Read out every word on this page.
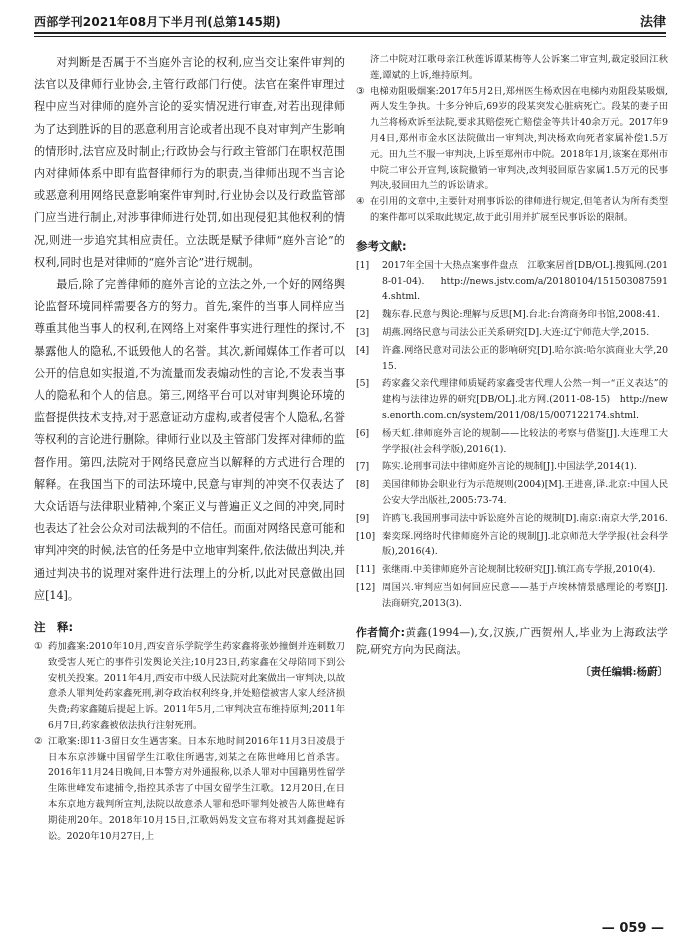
西部学刊2021年08月下半月刊(总第145期)	法律

对判断是否属于不当庭外言论的权利,应当交让案件审判的法官以及律师行业协会,主管行政部门行使。法官在案件审理过程中应当对律师的庭外言论的妥实情况进行审查,对若出现律师为了达到胜诉的目的恶意利用言论或者出现不良对审判产生影响的情形时,法官应及时制止;行政协会与行政主管部门在职权范围内对律师体系中即有监督律师行为的职责,当律师出现不当言论或恶意利用网络民意影响案件审判时,行业协会以及行政监管部门应当进行制止,对涉事律师进行处罚,如出现侵犯其他权利的情况,则进一步追究其相应责任。立法既是赋予律师“庭外言论”的权利,同时也是对律师的“庭外言论”进行规制。

最后,除了完善律师的庭外言论的立法之外,一个好的网络舆论监督环境同样需要各方的努力。首先,案件的当事人同样应当尊重其他当事人的权利,在网络上对案件事实进行理性的探讨,不暴露他人的隐私,不诋毁他人的名誉。其次,新闻媒体工作者可以公开的信息如实报道,不为流量而发表煽动性的言论,不发表当事人的隐私和个人的信息。第三,网络平台可以对审判舆论环境的监督提供技术支持,对于恶意证动方虚构,或者侵害个人隐私,名誉等权利的言论进行删除。律师行业以及主管部门发挥对律师的监督作用。第四,法院对于网络民意应当以解释的方式进行合理的解释。在我国当下的司法环境中,民意与审判的冲突不仅表达了大众话语与法律职业精神,个案正义与普遍正义之间的冲突,同时也表达了社会公众对司法裁判的不信任。而面对网络民意可能和审判冲突的时候,法官的任务是中立地审判案件,依法做出判决,并通过判决书的说理对案件进行法理上的分析,以此对民意做出回应[14]。

注　释:
① 药加鑫案:2010年10月,西安音乐学院学生药家鑫将张妙撞倒并连刺数刀致受害人死亡的事件引发舆论关注;10月23日,药家鑫在父母陪同下到公安机关投案。2011年4月,西安市中级人民法院对此案做出一审判决,以故意杀人罪判处药家鑫死刑,剥夺政治权利终身,并处赔偿被害人家人经济损失费;药家鑫随后提起上诉。2011年5月,二审判决宣布维持原判;2011年6月7日,药家鑫被依法执行注射死刑。
② 江歌案:即11·3留日女生遇害案。日本东地时间2016年11月3日凌晨于日本东京涉嫌中国留学生江歌住所遇害,刘某之在陈世峰用匕首杀害。2016年11月24日晚间,日本警方对外通报称,以杀人罪对中国籍男性留学生陈世峰发布逮捕令,指控其杀害了中国女留学生江歌。12月20日,在日本东京地方裁判所宣判,法院以故意杀人罪和恐吓罪判处被告人陈世峰有期徒刑20年。2018年10月15日,江歌妈妈发文宣布将对其刘鑫提起诉讼。2020年10月27日,上
济二中院对江歌母亲江秋莲诉谭某梅等人公诉案二审宣判,裁定驳回江秋莲,谭斌的上诉,维持原判。
③ 电梯劝阻吸烟案:2017年5月2日,郑州医生杨欢因在电梯内劝阻段某吸烟,两人发生争执。十多分钟后,69岁的段某突发心脏病死亡。段某的妻子田九兰将杨欢诉至法院,要求其赔偿死亡赔偿金等共计40余万元。2017年9月4日,郑州市金水区法院做出一审判决,判决杨欢向死者家属补偿1.5万元。田九兰不服一审判决,上诉至郑州市中院。2018年1月,该案在郑州市中院二审公开宣判,该院撤销一审判决,改判驳回原告家属1.5万元的民事判决,驳回田九兰的诉讼请求。
④ 在引用的文章中,主要针对刑事诉讼的律师进行规定,但笔者认为所有类型的案件都可以采取此规定,故于此引用并扩展至民事诉讼的限制。
参考文献:
[1]	2017年全国十大热点案事件盘点　江歌案居首[DB/OL].搜狐网.(2018-01-04).　http://news.jstv.com/a/20180104/1515030875914.shtml.
[2]	魏东春.民意与舆论:理解与反思[M].台北:台湾商务印书馆,2008:41.
[3]	胡燕.网络民意与司法公正关系研究[D].大连:辽宁师范大学,2015.
[4]	许鑫.网络民意对司法公正的影响研究[D].哈尔滨:哈尔滨商业大学,2015.
[5]	药家鑫父亲代理律师质疑药家鑫受害代理人公然一判一“正义表达”的建构与法律边界的研究[DB/OL].北方网.(2011-08-15)　http://news.enorth.com.cn/system/2011/08/15/007122174.shtml.
[6]	杨天虹.律师庭外言论的规制——比较法的考察与借鉴[J].大连理工大学学报(社会科学版),2016(1).
[7]	陈实.论刑事司法中律师庭外言论的规制[J].中国法学,2014(1).
[8]	美国律师协会职业行为示范规则(2004)[M].王进喜,译.北京:中国人民公安大学出版社,2005:73-74.
[9]	许鸥飞.我国刑事司法中诉讼庭外言论的规制[D].南京:南京大学,2016.
[10] 秦奕琛.网络时代律师庭外言论的规制[J].北京师范大学学报(社会科学版),2016(4).
[11] 张继雨.中美律师庭外言论规制比较研究[J].镇江高专学报,2010(4).
[12] 周国兴.审判应当如何回应民意——基于卢埃林情景感理论的考察[J].法商研究,2013(3).
作者简介:黄鑫(1994—),女,汉族,广西贺州人,毕业为上海政法学院,研究方向为民商法。
〔责任编辑:杨蔚〕
— 059 —
